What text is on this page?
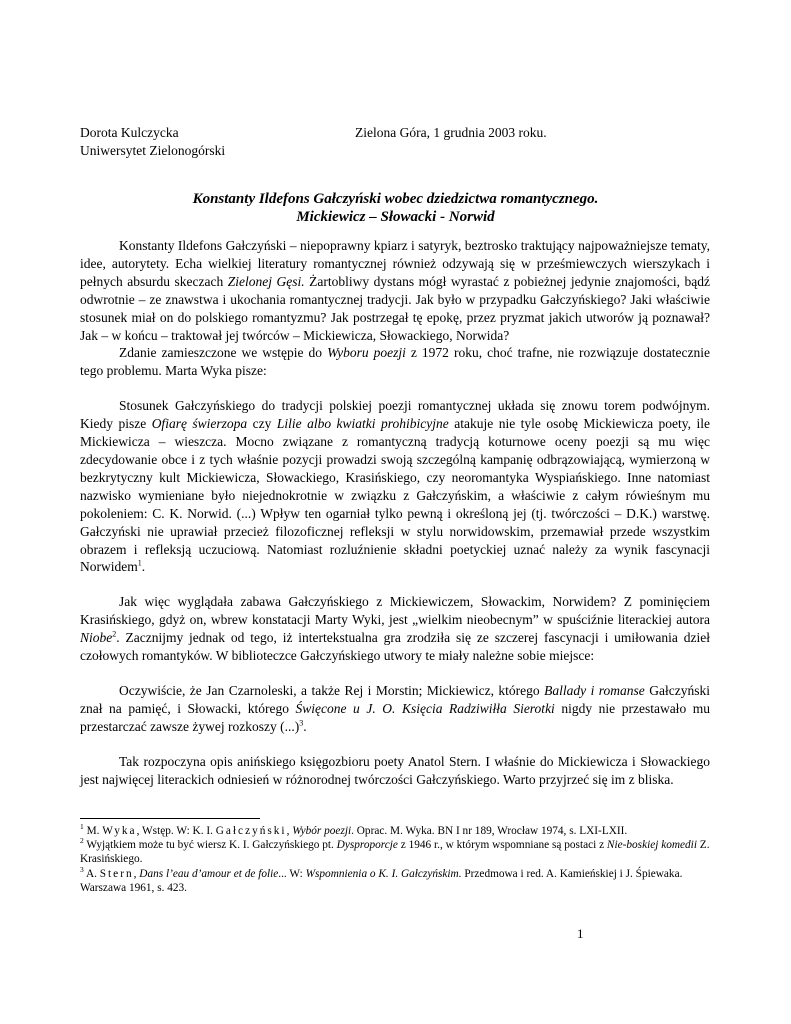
Dorota Kulczycka
Uniwersytet Zielonogórski
Zielona Góra, 1 grudnia 2003 roku.
Konstanty Ildefons Gałczyński wobec dziedzictwa romantycznego.
Mickiewicz – Słowacki - Norwid

Konstanty Ildefons Gałczyński – niepoprawny kpiarz i satyryk, beztrosko traktujący najpoważniejsze tematy, idee, autorytety. Echa wielkiej literatury romantycznej również odzywają się w prześmiewczych wierszykach i pełnych absurdu skeczach Zielonej Gęsi. Żartobliwy dystans mógł wyrastać z pobieżnej jedynie znajomości, bądź odwrotnie – ze znawstwa i ukochania romantycznej tradycji. Jak było w przypadku Gałczyńskiego? Jaki właściwie stosunek miał on do polskiego romantyzmu? Jak postrzegał tę epokę, przez pryzmat jakich utworów ją poznawał? Jak – w końcu – traktował jej twórców – Mickiewicza, Słowackiego, Norwida?

Zdanie zamieszczone we wstępie do Wyboru poezji z 1972 roku, choć trafne, nie rozwiązuje dostatecznie tego problemu. Marta Wyka pisze:

Stosunek Gałczyńskiego do tradycji polskiej poezji romantycznej układa się znowu torem podwójnym. Kiedy pisze Ofiarę świerzopa czy Lilie albo kwiatki prohibicyjne atakuje nie tyle osobę Mickiewicza poety, ile Mickiewicza – wieszcza. Mocno związane z romantyczną tradycją koturnowe oceny poezji są mu więc zdecydowanie obce i z tych właśnie pozycji prowadzi swoją szczególną kampanię odbrązowiającą, wymierzoną w bezkrytyczny kult Mickiewicza, Słowackiego, Krasińskiego, czy neoromantyka Wyspiańskiego. Inne natomiast nazwisko wymieniane było niejednokrotnie w związku z Gałczyńskim, a właściwie z całym rówieśnym mu pokoleniem: C. K. Norwid. (...) Wpływ ten ogarniał tylko pewną i określoną jej (tj. twórczości – D.K.) warstwę. Gałczyński nie uprawiał przecież filozoficznej refleksji w stylu norwidowskim, przemawiał przede wszystkim obrazem i refleksją uczuciową. Natomiast rozluźnienie składni poetyckiej uznać należy za wynik fascynacji Norwidem$^1$.

Jak więc wyglądała zabawa Gałczyńskiego z Mickiewiczem, Słowackim, Norwidem? Z pominięciem Krasińskiego, gdyż on, wbrew konstatacji Marty Wyki, jest „wielkim nieobecnym” w spuściźnie literackiej autora Niobe$^2$. Zacznijmy jednak od tego, iż intertekstualna gra zrodziła się ze szczerej fascynacji i umiłowania dzieł czołowych romantyków. W biblioteczce Gałczyńskiego utwory te miały należne sobie miejsce:

Oczywiście, że Jan Czarnoleski, a także Rej i Morstin; Mickiewicz, którego Ballady i romanse Gałczyński znał na pamięć, i Słowacki, którego Święcone u J. O. Księcia Radziwiłła Sierotki nigdy nie przestawało mu przestarczać zawsze żywej rozkoszy (...)$^3$.

Tak rozpoczyna opis anińskiego księgozbioru poety Anatol Stern. I właśnie do Mickiewicza i Słowackiego jest najwięcej literackich odniesień w różnorodnej twórczości Gałczyńskiego. Warto przyjrzeć się im z bliska.

$^1$ M. Wyka, Wstęp. W: K. I. Gałczyński, Wybór poezji. Oprac. M. Wyka. BN I nr 189, Wrocław 1974, s. LXI-LXII.

$^2$ Wyjątkiem może tu być wiersz K. I. Gałczyńskiego pt. Dysproporcje z 1946 r., w którym wspomniane są postaci z Nie-boskiej komedii Z. Krasińskiego.

$^3$ A. Stern, Dans l’eau d’amour et de folie... W: Wspomnienia o K. I. Gałczyńskim. Przedmowa i red. A. Kamieńskiej i J. Śpiewaka. Warszawa 1961, s. 423.

1
